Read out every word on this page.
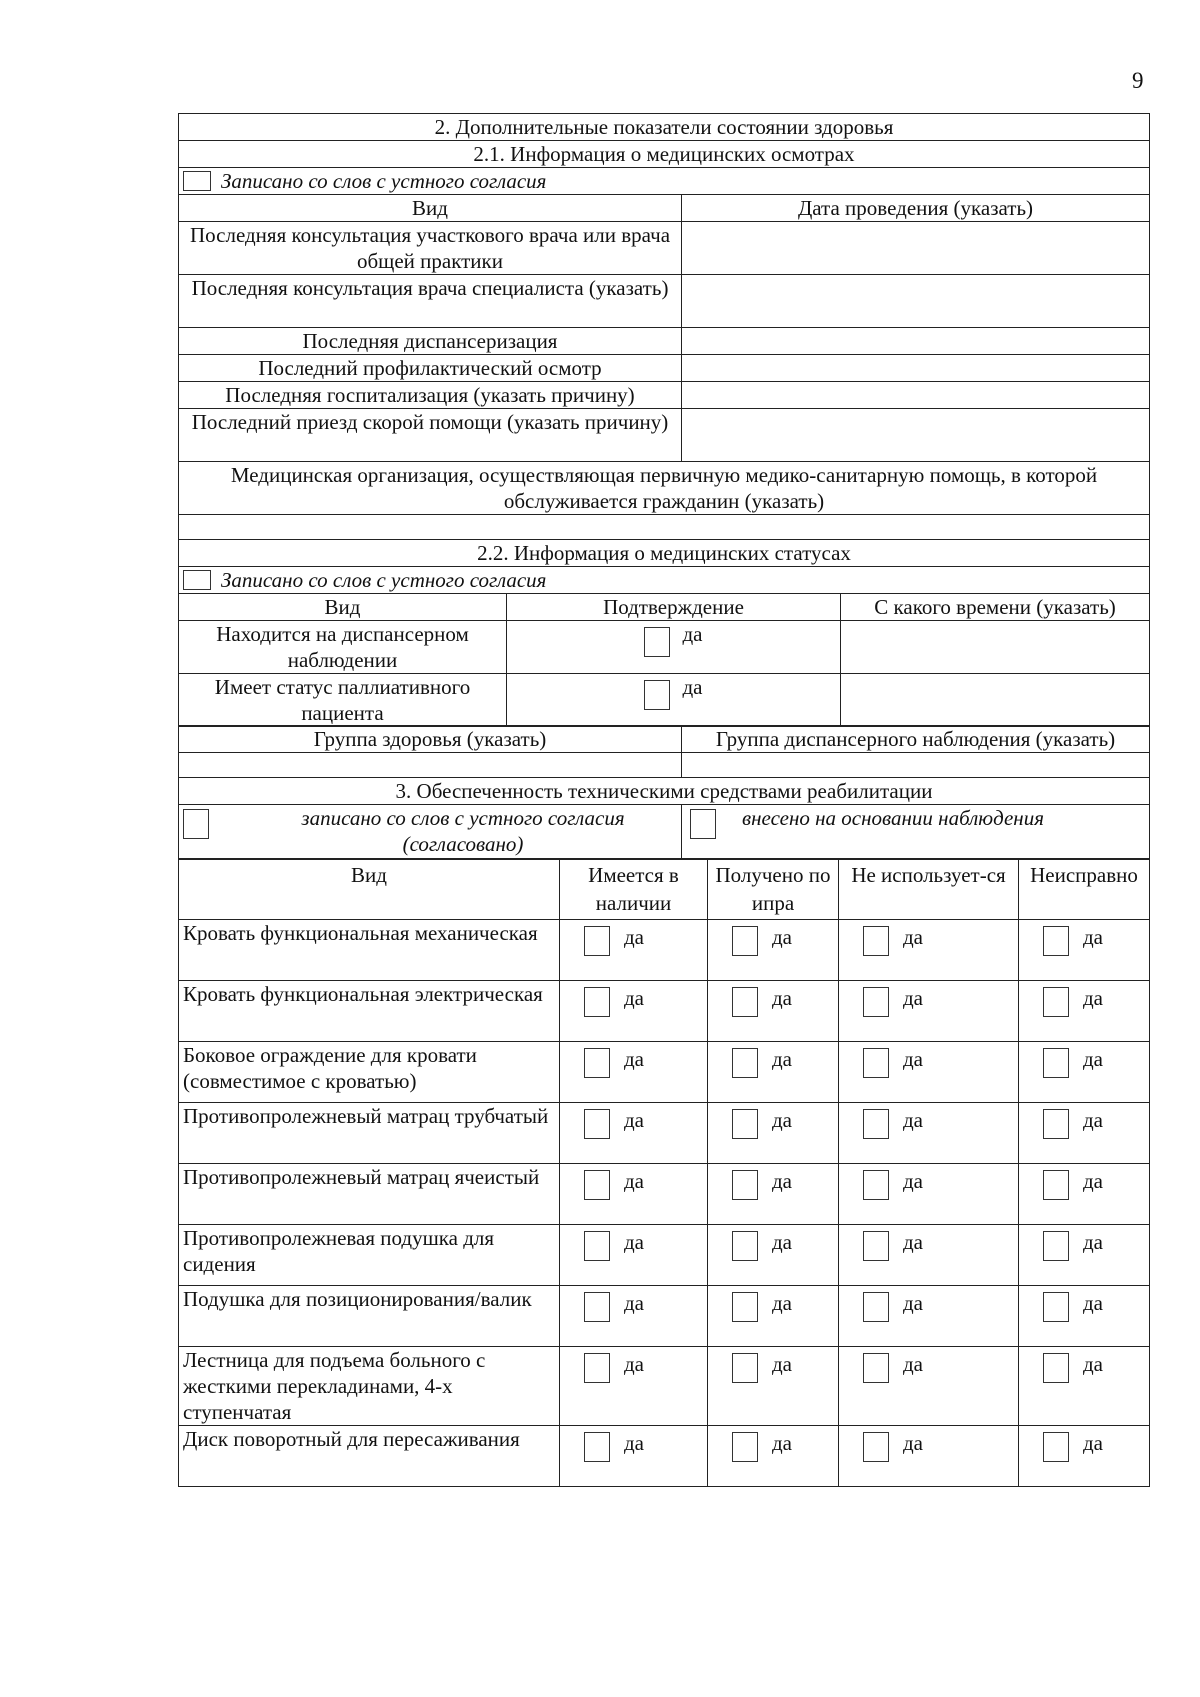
9
2. Дополнительные показатели состоянии здоровья	
2.1. Информация о медицинских осмотрах	
Записано со слов с устного согласия	
Вид	Дата проведения (указать)
Последняя консультация участкового врача или врача общей практики	
Последняя консультация врача специалиста (указать)	
Последняя диспансеризация	
Последний профилактический осмотр	
Последняя госпитализация (указать причину)	
Последний приезд скорой помощи (указать причину)	
Медицинская организация, осуществляющая первичную медико-санитарную помощь, в которой обслуживается гражданин (указать)	

2.2. Информация о медицинских статусах		
Записано со слов с устного согласия		
Вид	Подтверждение	С какого времени (указать)
Находится на диспансерном наблюдении	да	
Имеет статус паллиативного пациента	да	
Группа здоровья (указать)	Группа диспансерного наблюдения (указать)

3. Обеспеченность техническими средствами реабилитации

записано со слов с устного согласия (согласовано)	
внесено на основании наблюдения
Вид	Имеется в наличии	Получено по ипра	Не использует-ся	Неисправно
Кровать функциональная механическая	да	да	да	да
Кровать функциональная электрическая	да	да	да	да
Боковое ограждение для кровати (совместимое с кроватью)	да	да	да	да
Противопролежневый матрац трубчатый	да	да	да	да
Противопролежневый матрац ячеистый	да	да	да	да
Противопролежневая подушка для сидения	да	да	да	да
Подушка для позиционирования/валик	да	да	да	да
Лестница для подъема больного с жесткими перекладинами, 4-х ступенчатая	да	да	да	да
Диск поворотный для пересаживания	да	да	да	да
